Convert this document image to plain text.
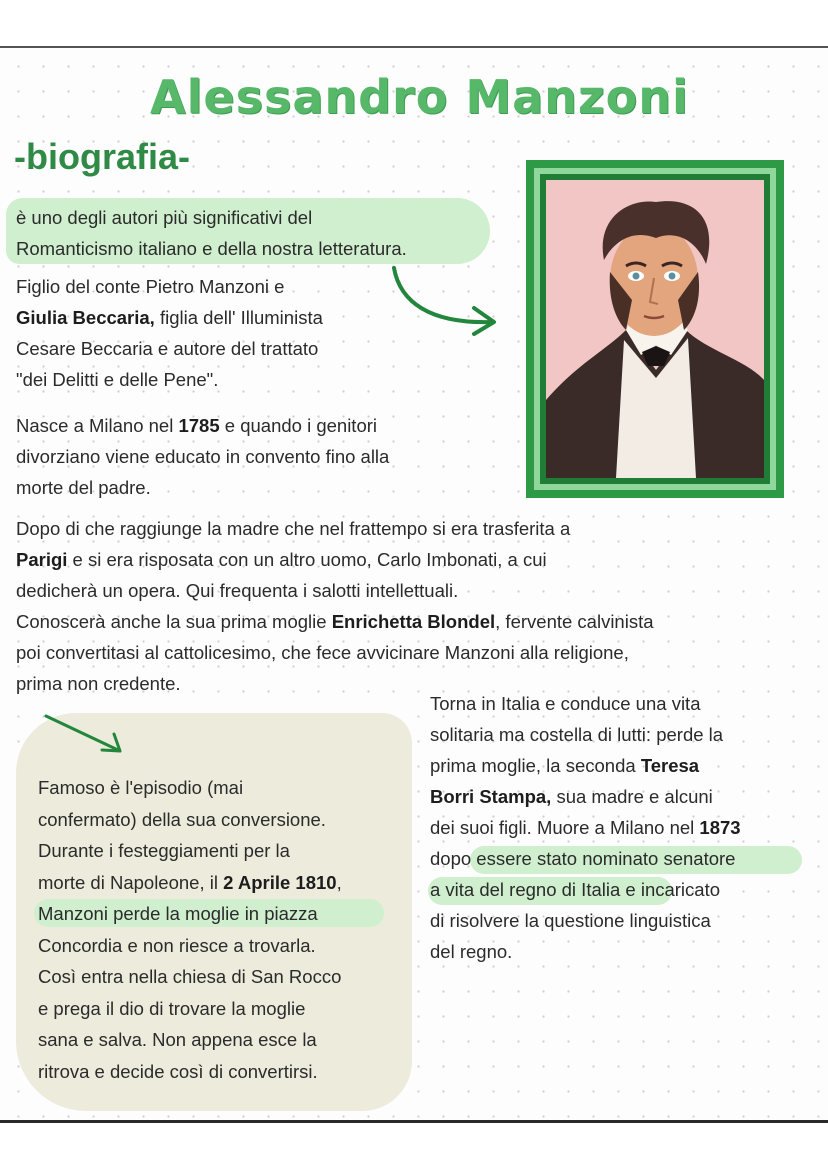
Alessandro Manzoni
-biografia-

è uno degli autori più significativi del
Romanticismo italiano e della nostra letteratura.

Figlio del conte Pietro Manzoni e
Giulia Beccaria, figlia dell' Illuminista
Cesare Beccaria e autore del trattato
"dei Delitti e delle Pene".

Nasce a Milano nel 1785 e quando i genitori
divorziano viene educato in convento fino alla
morte del padre.

Dopo di che raggiunge la madre che nel frattempo si era trasferita a
Parigi e si era risposata con un altro uomo, Carlo Imbonati, a cui
dedicherà un opera. Qui frequenta i salotti intellettuali.
Conoscerà anche la sua prima moglie Enrichetta Blondel, fervente calvinista
poi convertitasi al cattolicesimo, che fece avvicinare Manzoni alla religione,
prima non credente.

Famoso è l'episodio (mai
confermato) della sua conversione.
Durante i festeggiamenti per la
morte di Napoleone, il 2 Aprile 1810,
Manzoni perde la moglie in piazza
Concordia e non riesce a trovarla.
Così entra nella chiesa di San Rocco
e prega il dio di trovare la moglie
sana e salva. Non appena esce la
ritrova e decide così di convertirsi.

Torna in Italia e conduce una vita
solitaria ma costella di lutti: perde la
prima moglie, la seconda Teresa
Borri Stampa, sua madre e alcuni
dei suoi figli. Muore a Milano nel 1873
dopo essere stato nominato senatore
a vita del regno di Italia e incaricato
di risolvere la questione linguistica
del regno.
